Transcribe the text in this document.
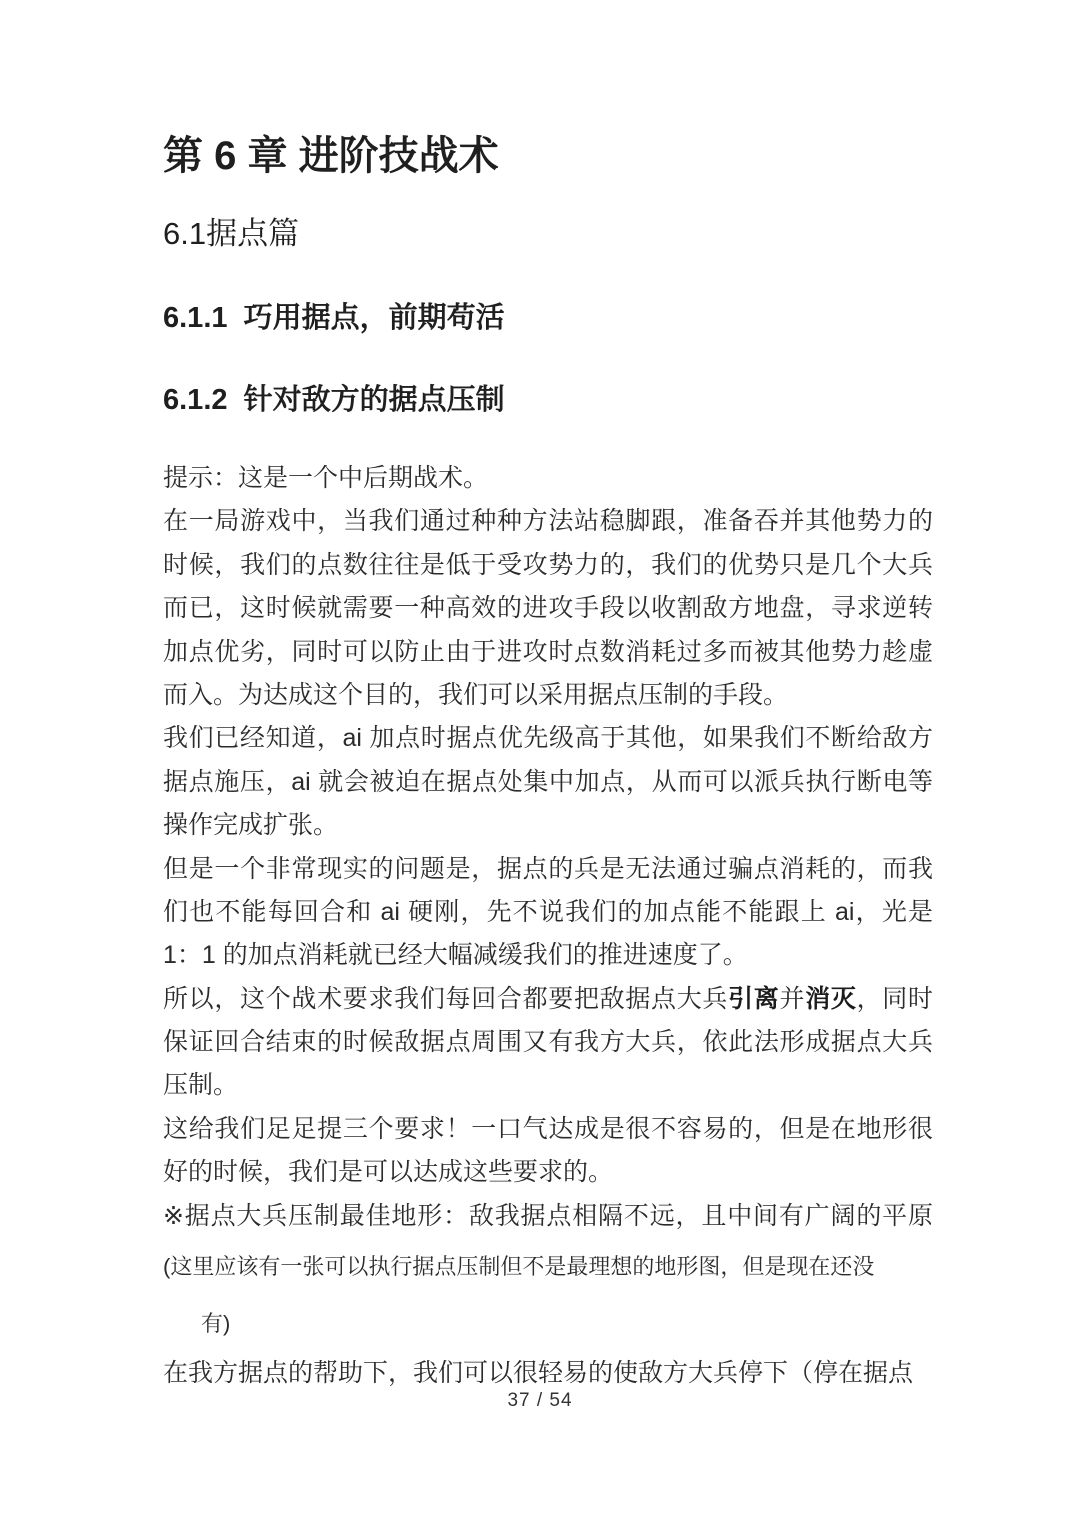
第 6 章 进阶技战术
6.1据点篇
6.1.1  巧用据点，前期苟活
6.1.2  针对敌方的据点压制
提示：这是一个中后期战术。
在一局游戏中，当我们通过种种方法站稳脚跟，准备吞并其他势力的
时候，我们的点数往往是低于受攻势力的，我们的优势只是几个大兵
而已，这时候就需要一种高效的进攻手段以收割敌方地盘，寻求逆转
加点优劣，同时可以防止由于进攻时点数消耗过多而被其他势力趁虚
而入。为达成这个目的，我们可以采用据点压制的手段。
我们已经知道，ai 加点时据点优先级高于其他，如果我们不断给敌方
据点施压，ai 就会被迫在据点处集中加点，从而可以派兵执行断电等
操作完成扩张。
但是一个非常现实的问题是，据点的兵是无法通过骗点消耗的，而我
们也不能每回合和 ai 硬刚，先不说我们的加点能不能跟上 ai，光是
1：1 的加点消耗就已经大幅减缓我们的推进速度了。
所以，这个战术要求我们每回合都要把敌据点大兵引离并消灭，同时
保证回合结束的时候敌据点周围又有我方大兵，依此法形成据点大兵
压制。
这给我们足足提三个要求！一口气达成是很不容易的，但是在地形很
好的时候，我们是可以达成这些要求的。
※据点大兵压制最佳地形：敌我据点相隔不远，且中间有广阔的平原
(这里应该有一张可以执行据点压制但不是最理想的地形图，但是现在还没
有)
在我方据点的帮助下，我们可以很轻易的使敌方大兵停下（停在据点
37 / 54
